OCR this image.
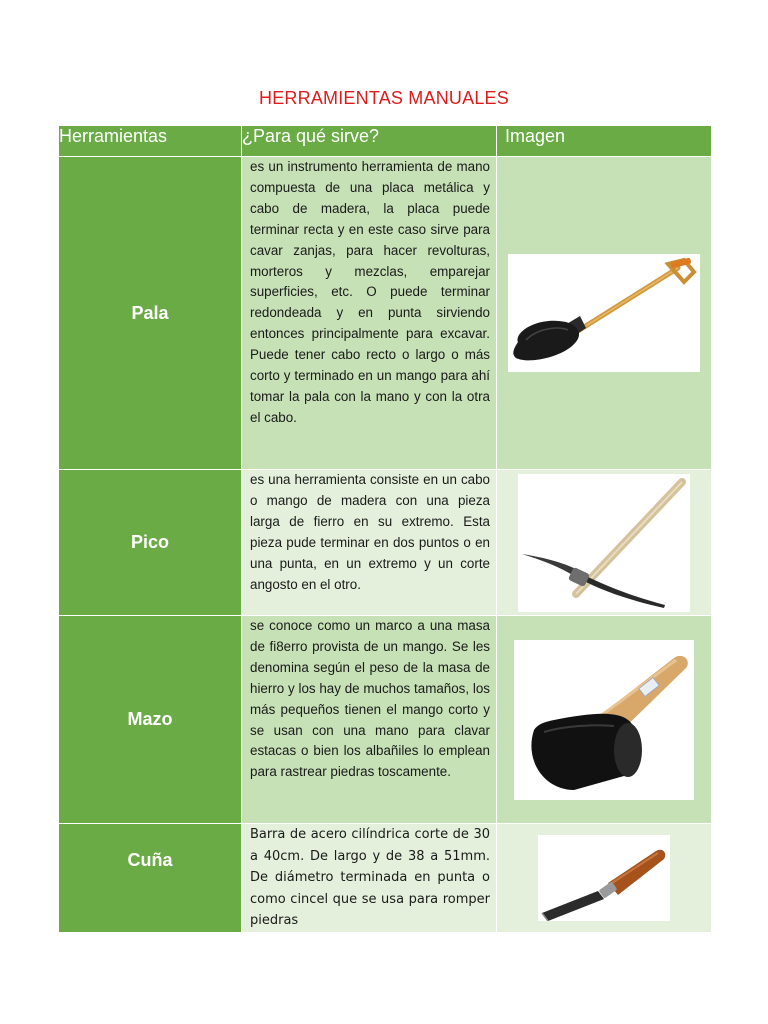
HERRAMIENTAS MANUALES
Herramientas	¿Para qué sirve?	Imagen
Pala	es un instrumento herramienta de mano compuesta de una placa metálica y cabo de madera, la placa puede terminar recta y en este caso sirve para cavar zanjas, para hacer revolturas, morteros y mezclas, emparejar superficies, etc. O puede terminar redondeada y en punta sirviendo entonces principalmente para excavar. Puede tener cabo recto o largo o más corto y terminado en un mango para ahí tomar la pala con la mano y con la otra el cabo.	

Pico	es una herramienta consiste en un cabo o mango de madera con una pieza larga de fierro en su extremo. Esta pieza pude terminar en dos puntos o en una punta, en un extremo y un corte angosto en el otro.	

Mazo	se conoce como un marco a una masa de fi8erro provista de un mango. Se les denomina según el peso de la masa de hierro y los hay de muchos tamaños, los más pequeños tienen el mango corto y se usan con una mano para clavar estacas o bien los albañiles lo emplean para rastrear piedras toscamente.	

Cuña	Barra de acero cilíndrica corte de 30 a 40cm. De largo y de 38 a 51mm. De diámetro terminada en punta o como cincel que se usa para romper piedras	
